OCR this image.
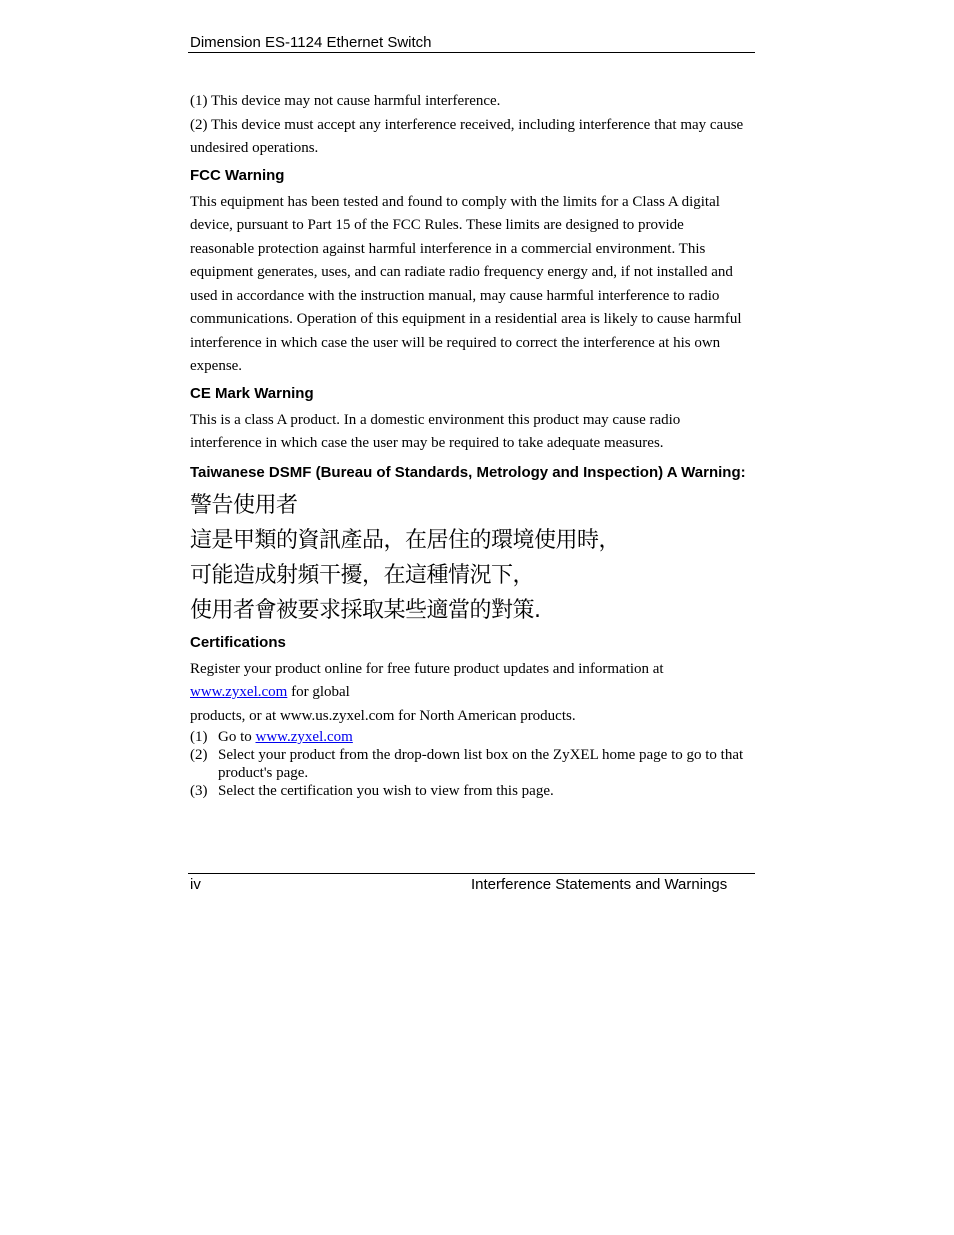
Dimension ES-1124 Ethernet Switch

(1) This device may not cause harmful interference.

(2) This device must accept any interference received, including interference that may cause undesired operations.

FCC Warning

This equipment has been tested and found to comply with the limits for a Class A digital device, pursuant to Part 15 of the FCC Rules. These limits are designed to provide reasonable protection against harmful interference in a commercial environment. This equipment generates, uses, and can radiate radio frequency energy and, if not installed and used in accordance with the instruction manual, may cause harmful interference to radio communications. Operation of this equipment in a residential area is likely to cause harmful interference in which case the user will be required to correct the interference at his own expense.

CE Mark Warning

This is a class A product. In a domestic environment this product may cause radio interference in which case the user may be required to take adequate measures.

Taiwanese DSMF (Bureau of Standards, Metrology and Inspection) A Warning:

警告使用者

這是甲類的資訊產品，在居住的環境使用時，

可能造成射頻干擾，在這種情況下，

使用者會被要求採取某些適當的對策.

Certifications

Register your product online for free future product updates and information at

www.zyxel.com for global

products, or at www.us.zyxel.com for North American products.

(1) Go to www.zyxel.com
(2) Select your product from the drop-down list box on the ZyXEL home page to go to that product's page.
(3) Select the certification you wish to view from this page.
iv	Interference Statements and Warnings
